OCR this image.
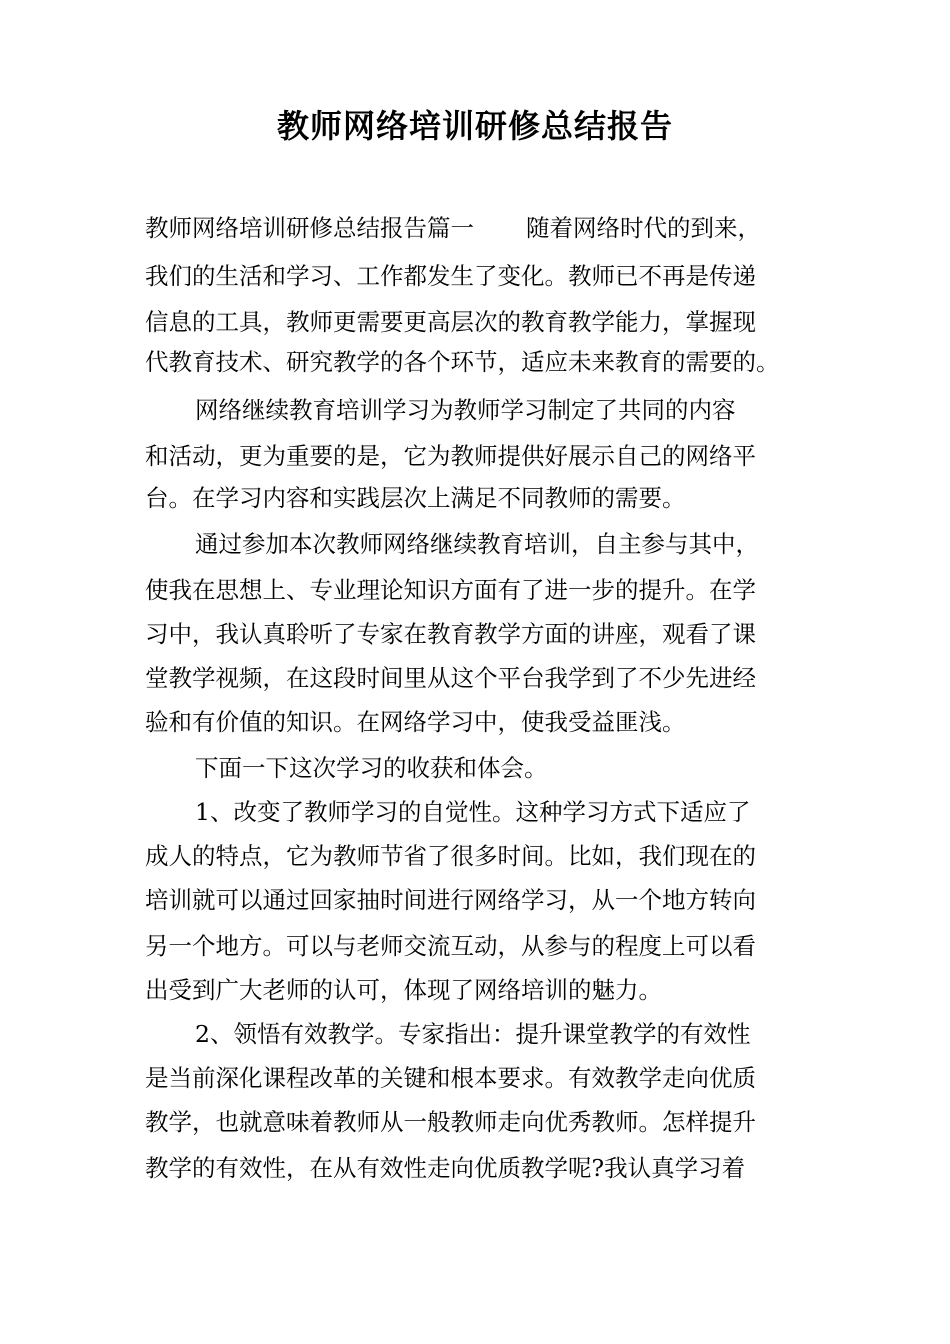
教师网络培训研修总结报告

教师网络培训研修总结报告篇一 随着网络时代的到来，

我们的生活和学习、工作都发生了变化。教师已不再是传递

信息的工具，教师更需要更高层次的教育教学能力，掌握现

代教育技术、研究教学的各个环节，适应未来教育的需要的。

网络继续教育培训学习为教师学习制定了共同的内容

和活动，更为重要的是，它为教师提供好展示自己的网络平

台。在学习内容和实践层次上满足不同教师的需要。

通过参加本次教师网络继续教育培训，自主参与其中，

使我在思想上、专业理论知识方面有了进一步的提升。在学

习中，我认真聆听了专家在教育教学方面的讲座，观看了课

堂教学视频，在这段时间里从这个平台我学到了不少先进经

验和有价值的知识。在网络学习中，使我受益匪浅。

下面一下这次学习的收获和体会。

1、改变了教师学习的自觉性。这种学习方式下适应了

成人的特点，它为教师节省了很多时间。比如，我们现在的

培训就可以通过回家抽时间进行网络学习，从一个地方转向

另一个地方。可以与老师交流互动，从参与的程度上可以看

出受到广大老师的认可，体现了网络培训的魅力。

2、领悟有效教学。专家指出：提升课堂教学的有效性

是当前深化课程改革的关键和根本要求。有效教学走向优质

教学，也就意味着教师从一般教师走向优秀教师。怎样提升

教学的有效性，在从有效性走向优质教学呢?我认真学习着
